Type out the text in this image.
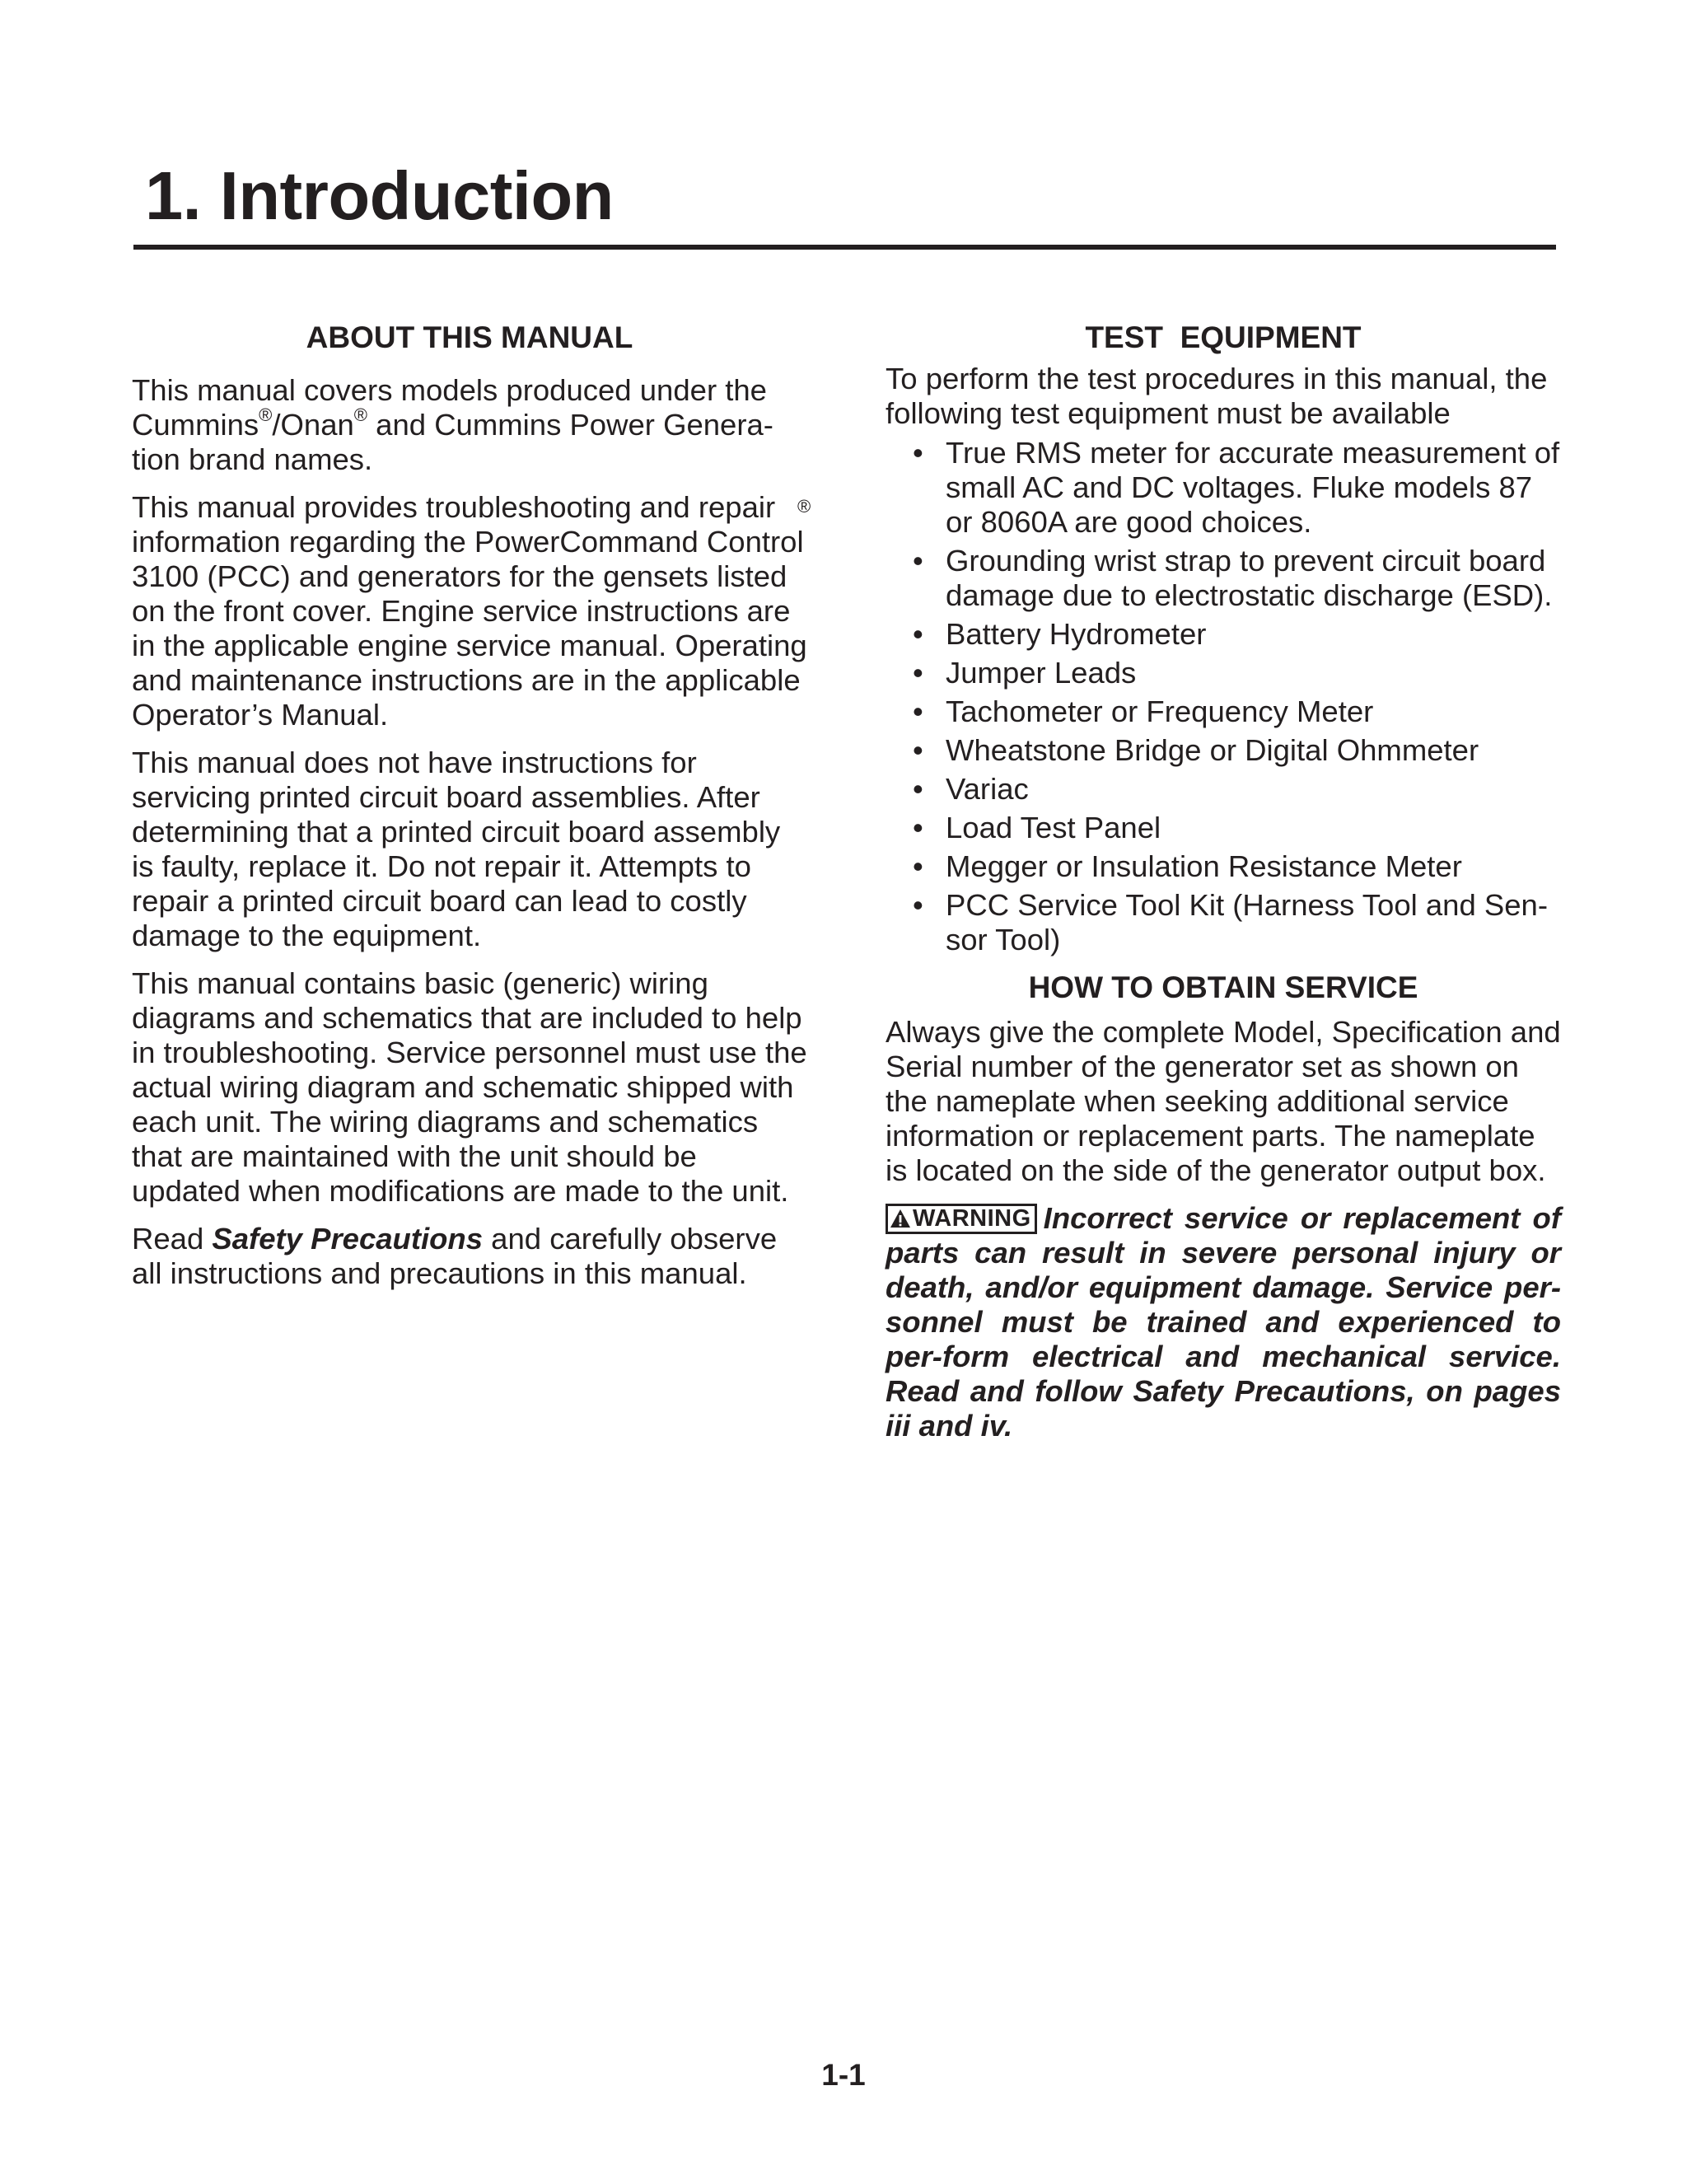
1. Introduction
ABOUT THIS MANUAL

This manual covers models produced under the Cummins®/Onan® and Cummins Power Genera-tion brand names.

This manual provides troubleshooting and repair information regarding the PowerCommand
®
Control 3100 (PCC) and generators for the gensets listed on the front cover. Engine service instructions are in the applicable engine service manual. Operating and maintenance instructions are in the applicable Operator’s Manual.

This manual does not have instructions for servicing printed circuit board assemblies. After determining that a printed circuit board assembly is faulty, replace it. Do not repair it. Attempts to repair a printed circuit board can lead to costly damage to the equipment.

This manual contains basic (generic) wiring diagrams and schematics that are included to help in troubleshooting. Service personnel must use the actual wiring diagram and schematic shipped with each unit. The wiring diagrams and schematics that are maintained with the unit should be updated when modifications are made to the unit.

Read Safety Precautions and carefully observe all instructions and precautions in this manual.

TEST  EQUIPMENT

To perform the test procedures in this manual, the following test equipment must be available

• True RMS meter for accurate measurement of small AC and DC voltages. Fluke models 87 or 8060A are good choices.
• Grounding wrist strap to prevent circuit board damage due to electrostatic discharge (ESD).
• Battery Hydrometer
• Jumper Leads
• Tachometer or Frequency Meter
• Wheatstone Bridge or Digital Ohmmeter
• Variac
• Load Test Panel
• Megger or Insulation Resistance Meter
• PCC Service Tool Kit (Harness Tool and Sen-sor Tool)
HOW TO OBTAIN SERVICE

Always give the complete Model, Specification and Serial number of the generator set as shown on the nameplate when seeking additional service information or replacement parts. The nameplate is located on the side of the generator output box.

WARNING Incorrect service or replacement of parts can result in severe personal injury or death, and/or equipment damage. Service per-sonnel must be trained and experienced to per-form electrical and mechanical service. Read and follow Safety Precautions, on pages iii and iv.

1-1
